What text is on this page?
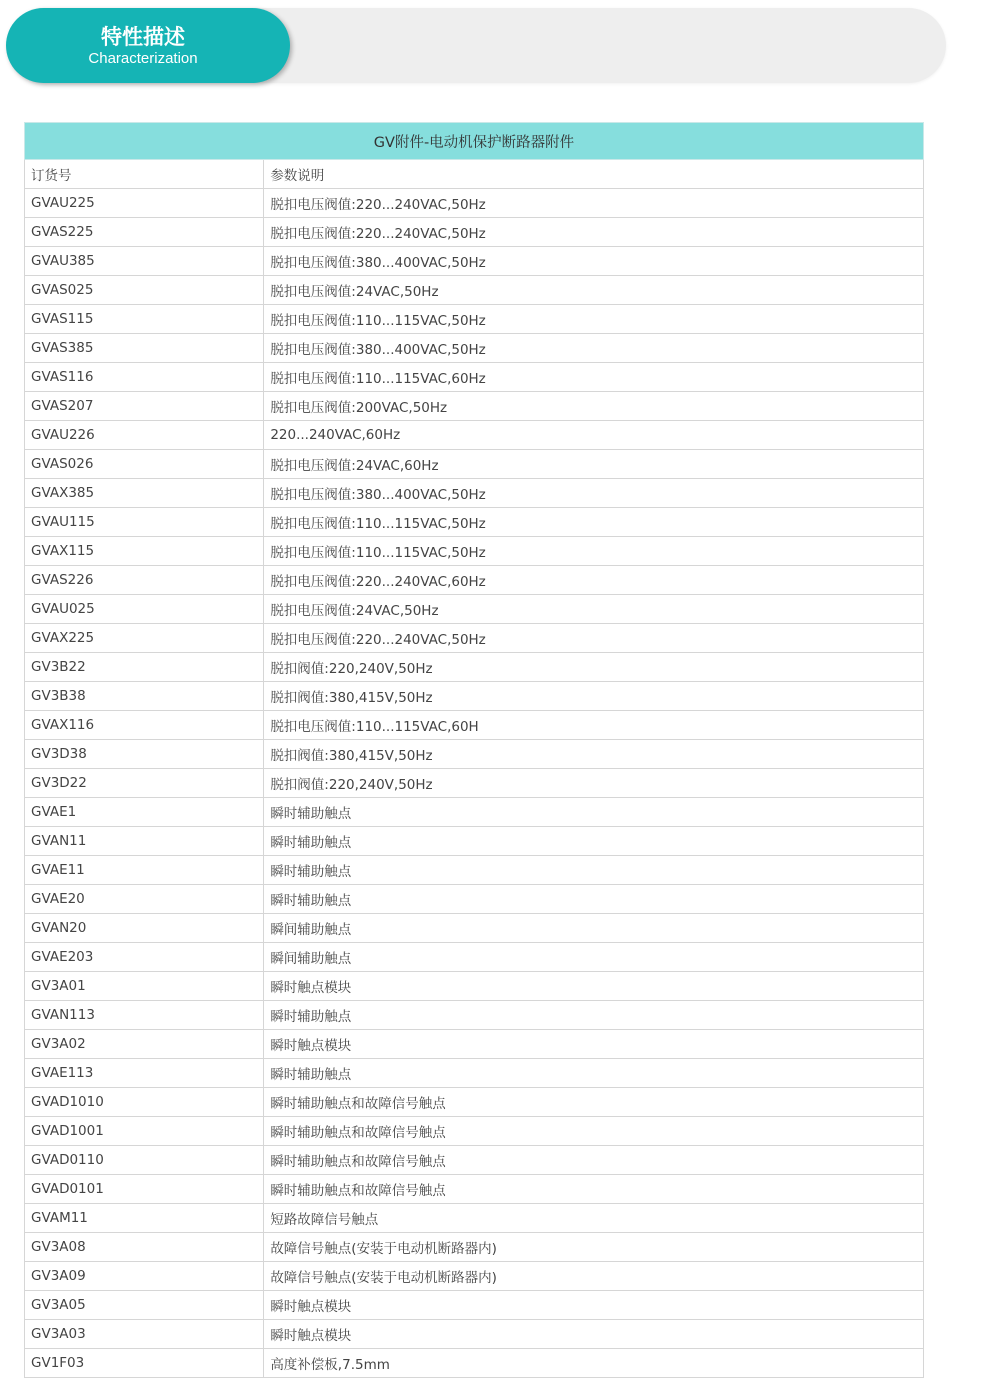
特性描述
Characterization
GV附件-电动机保护断路器附件	
订货号	参数说明
GVAU225	脱扣电压阀值:220...240VAC,50Hz
GVAS225	脱扣电压阀值:220...240VAC,50Hz
GVAU385	脱扣电压阀值:380...400VAC,50Hz
GVAS025	脱扣电压阀值:24VAC,50Hz
GVAS115	脱扣电压阀值:110...115VAC,50Hz
GVAS385	脱扣电压阀值:380...400VAC,50Hz
GVAS116	脱扣电压阀值:110...115VAC,60Hz
GVAS207	脱扣电压阀值:200VAC,50Hz
GVAU226	220...240VAC,60Hz
GVAS026	脱扣电压阀值:24VAC,60Hz
GVAX385	脱扣电压阀值:380...400VAC,50Hz
GVAU115	脱扣电压阀值:110...115VAC,50Hz
GVAX115	脱扣电压阀值:110...115VAC,50Hz
GVAS226	脱扣电压阀值:220...240VAC,60Hz
GVAU025	脱扣电压阀值:24VAC,50Hz
GVAX225	脱扣电压阀值:220...240VAC,50Hz
GV3B22	脱扣阀值:220,240V,50Hz
GV3B38	脱扣阀值:380,415V,50Hz
GVAX116	脱扣电压阀值:110...115VAC,60H
GV3D38	脱扣阀值:380,415V,50Hz
GV3D22	脱扣阀值:220,240V,50Hz
GVAE1	瞬时辅助触点
GVAN11	瞬时辅助触点
GVAE11	瞬时辅助触点
GVAE20	瞬时辅助触点
GVAN20	瞬间辅助触点
GVAE203	瞬间辅助触点
GV3A01	瞬时触点模块
GVAN113	瞬时辅助触点
GV3A02	瞬时触点模块
GVAE113	瞬时辅助触点
GVAD1010	瞬时辅助触点和故障信号触点
GVAD1001	瞬时辅助触点和故障信号触点
GVAD0110	瞬时辅助触点和故障信号触点
GVAD0101	瞬时辅助触点和故障信号触点
GVAM11	短路故障信号触点
GV3A08	故障信号触点(安装于电动机断路器内)
GV3A09	故障信号触点(安装于电动机断路器内)
GV3A05	瞬时触点模块
GV3A03	瞬时触点模块
GV1F03	高度补偿板,7.5mm
